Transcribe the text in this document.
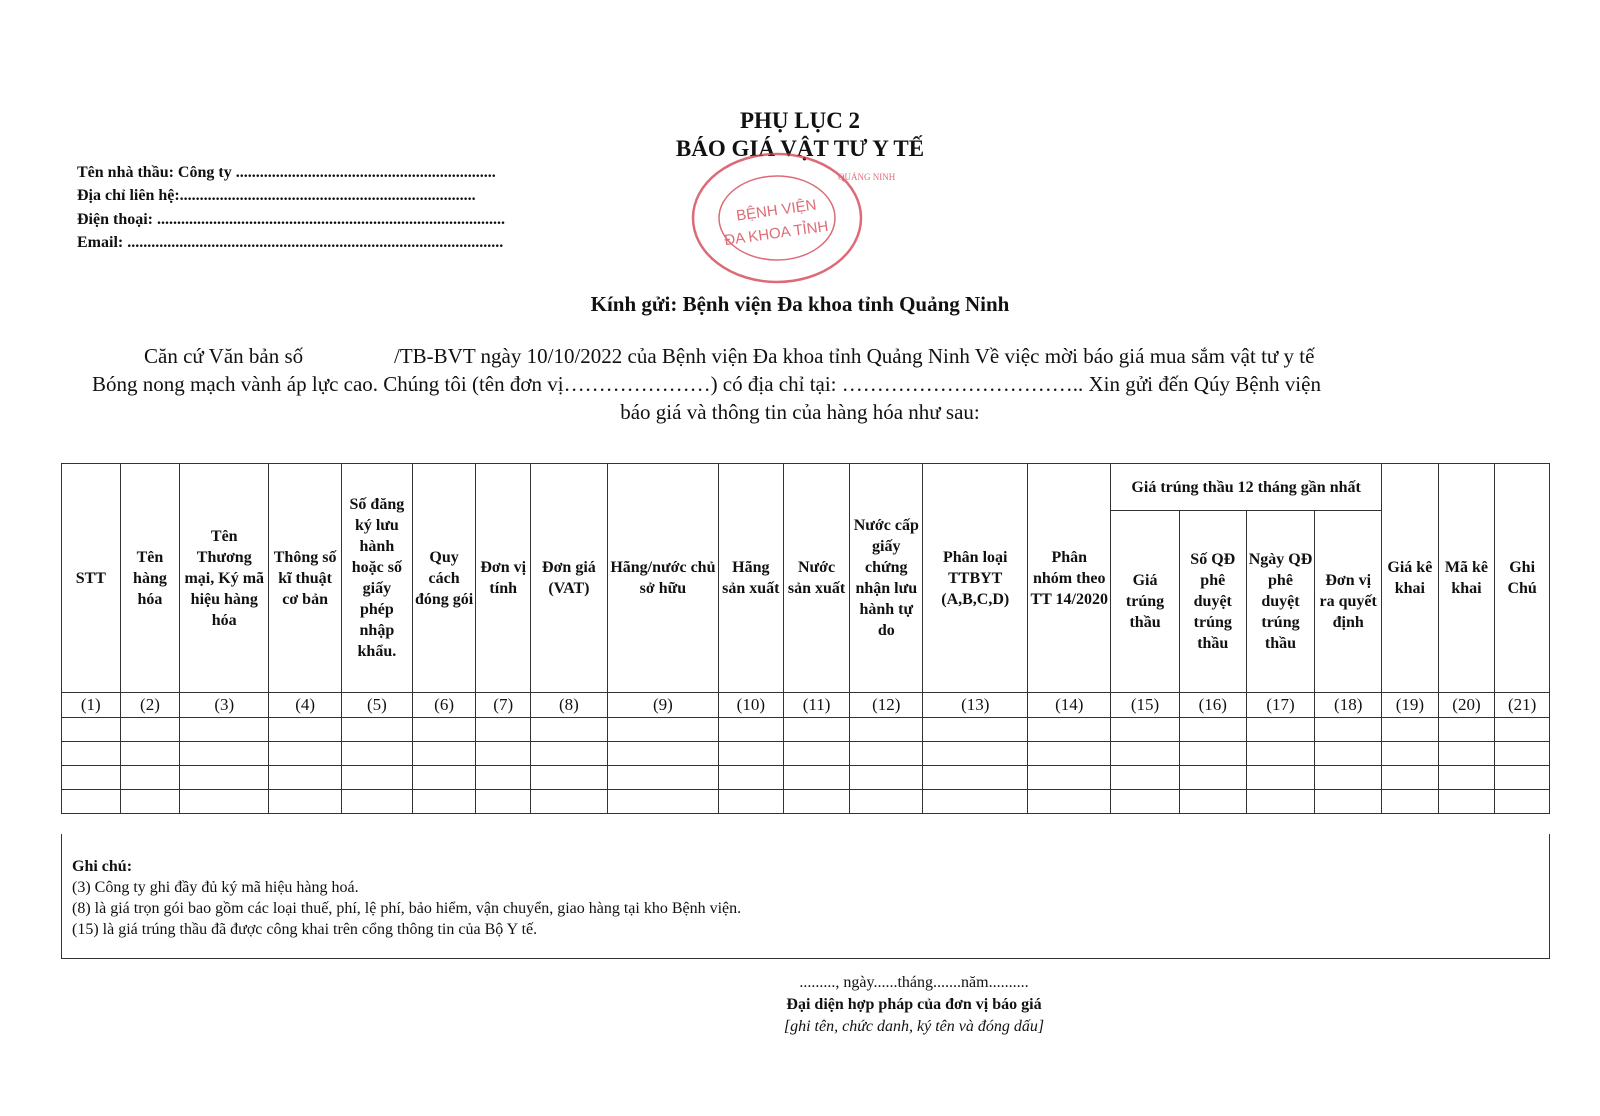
PHỤ LỤC 2
BÁO GIÁ VẬT TƯ Y TẾ
Tên nhà thầu: Công ty .................................................................
Địa chỉ liên hệ:..........................................................................
Điện thoại: .......................................................................................
Email: ..............................................................................................
QUẢNG NINH
BỆNH VIỆN
ĐA KHOA TỈNH
Kính gửi: Bệnh viện Đa khoa tỉnh Quảng Ninh
Căn cứ Văn bản số	/TB-BVT ngày 10/10/2022 của Bệnh viện Đa khoa tỉnh Quảng Ninh Về việc mời báo giá mua sắm vật tư y tế
Bóng nong mạch vành áp lực cao. Chúng tôi (tên đơn vị…………………) có địa chỉ tại: …………………………….. Xin gửi đến Qúy Bệnh viện
báo giá và thông tin của hàng hóa như sau:
STT	Tên hàng hóa	Tên Thương mại, Ký mã hiệu hàng hóa	Thông số kĩ thuật cơ bản	Số đăng ký lưu hành hoặc số giấy phép nhập khẩu.	Quy cách đóng gói	Đơn vị tính	Đơn giá (VAT)	Hãng/nước chủ sở hữu	Hãng sản xuất	Nước sản xuất	Nước cấp giấy chứng nhận lưu hành tự do	Phân loại TTBYT (A,B,C,D)	Phân nhóm theo TT 14/2020	Giá trúng thầu 12 tháng gần nhất				Giá kê khai	Mã kê khai	Ghi Chú
														Giá trúng thầu	Số QĐ phê duyệt trúng thầu	Ngày QĐ phê duyệt trúng thầu	Đơn vị ra quyết định			
(1)	(2)	(3)	(4)	(5)	(6)	(7)	(8)	(9)	(10)	(11)	(12)	(13)	(14)	(15)	(16)	(17)	(18)	(19)	(20)	(21)

Ghi chú:
(3) Công ty ghi đầy đủ ký mã hiệu hàng hoá.
(8) là giá trọn gói bao gồm các loại thuế, phí, lệ phí, bảo hiểm, vận chuyển, giao hàng tại kho Bệnh viện.
(15) là giá trúng thầu đã được công khai trên cổng thông tin của Bộ Y tế.
........., ngày......tháng.......năm..........
Đại diện hợp pháp của đơn vị báo giá
[ghi tên, chức danh, ký tên và đóng dấu]
